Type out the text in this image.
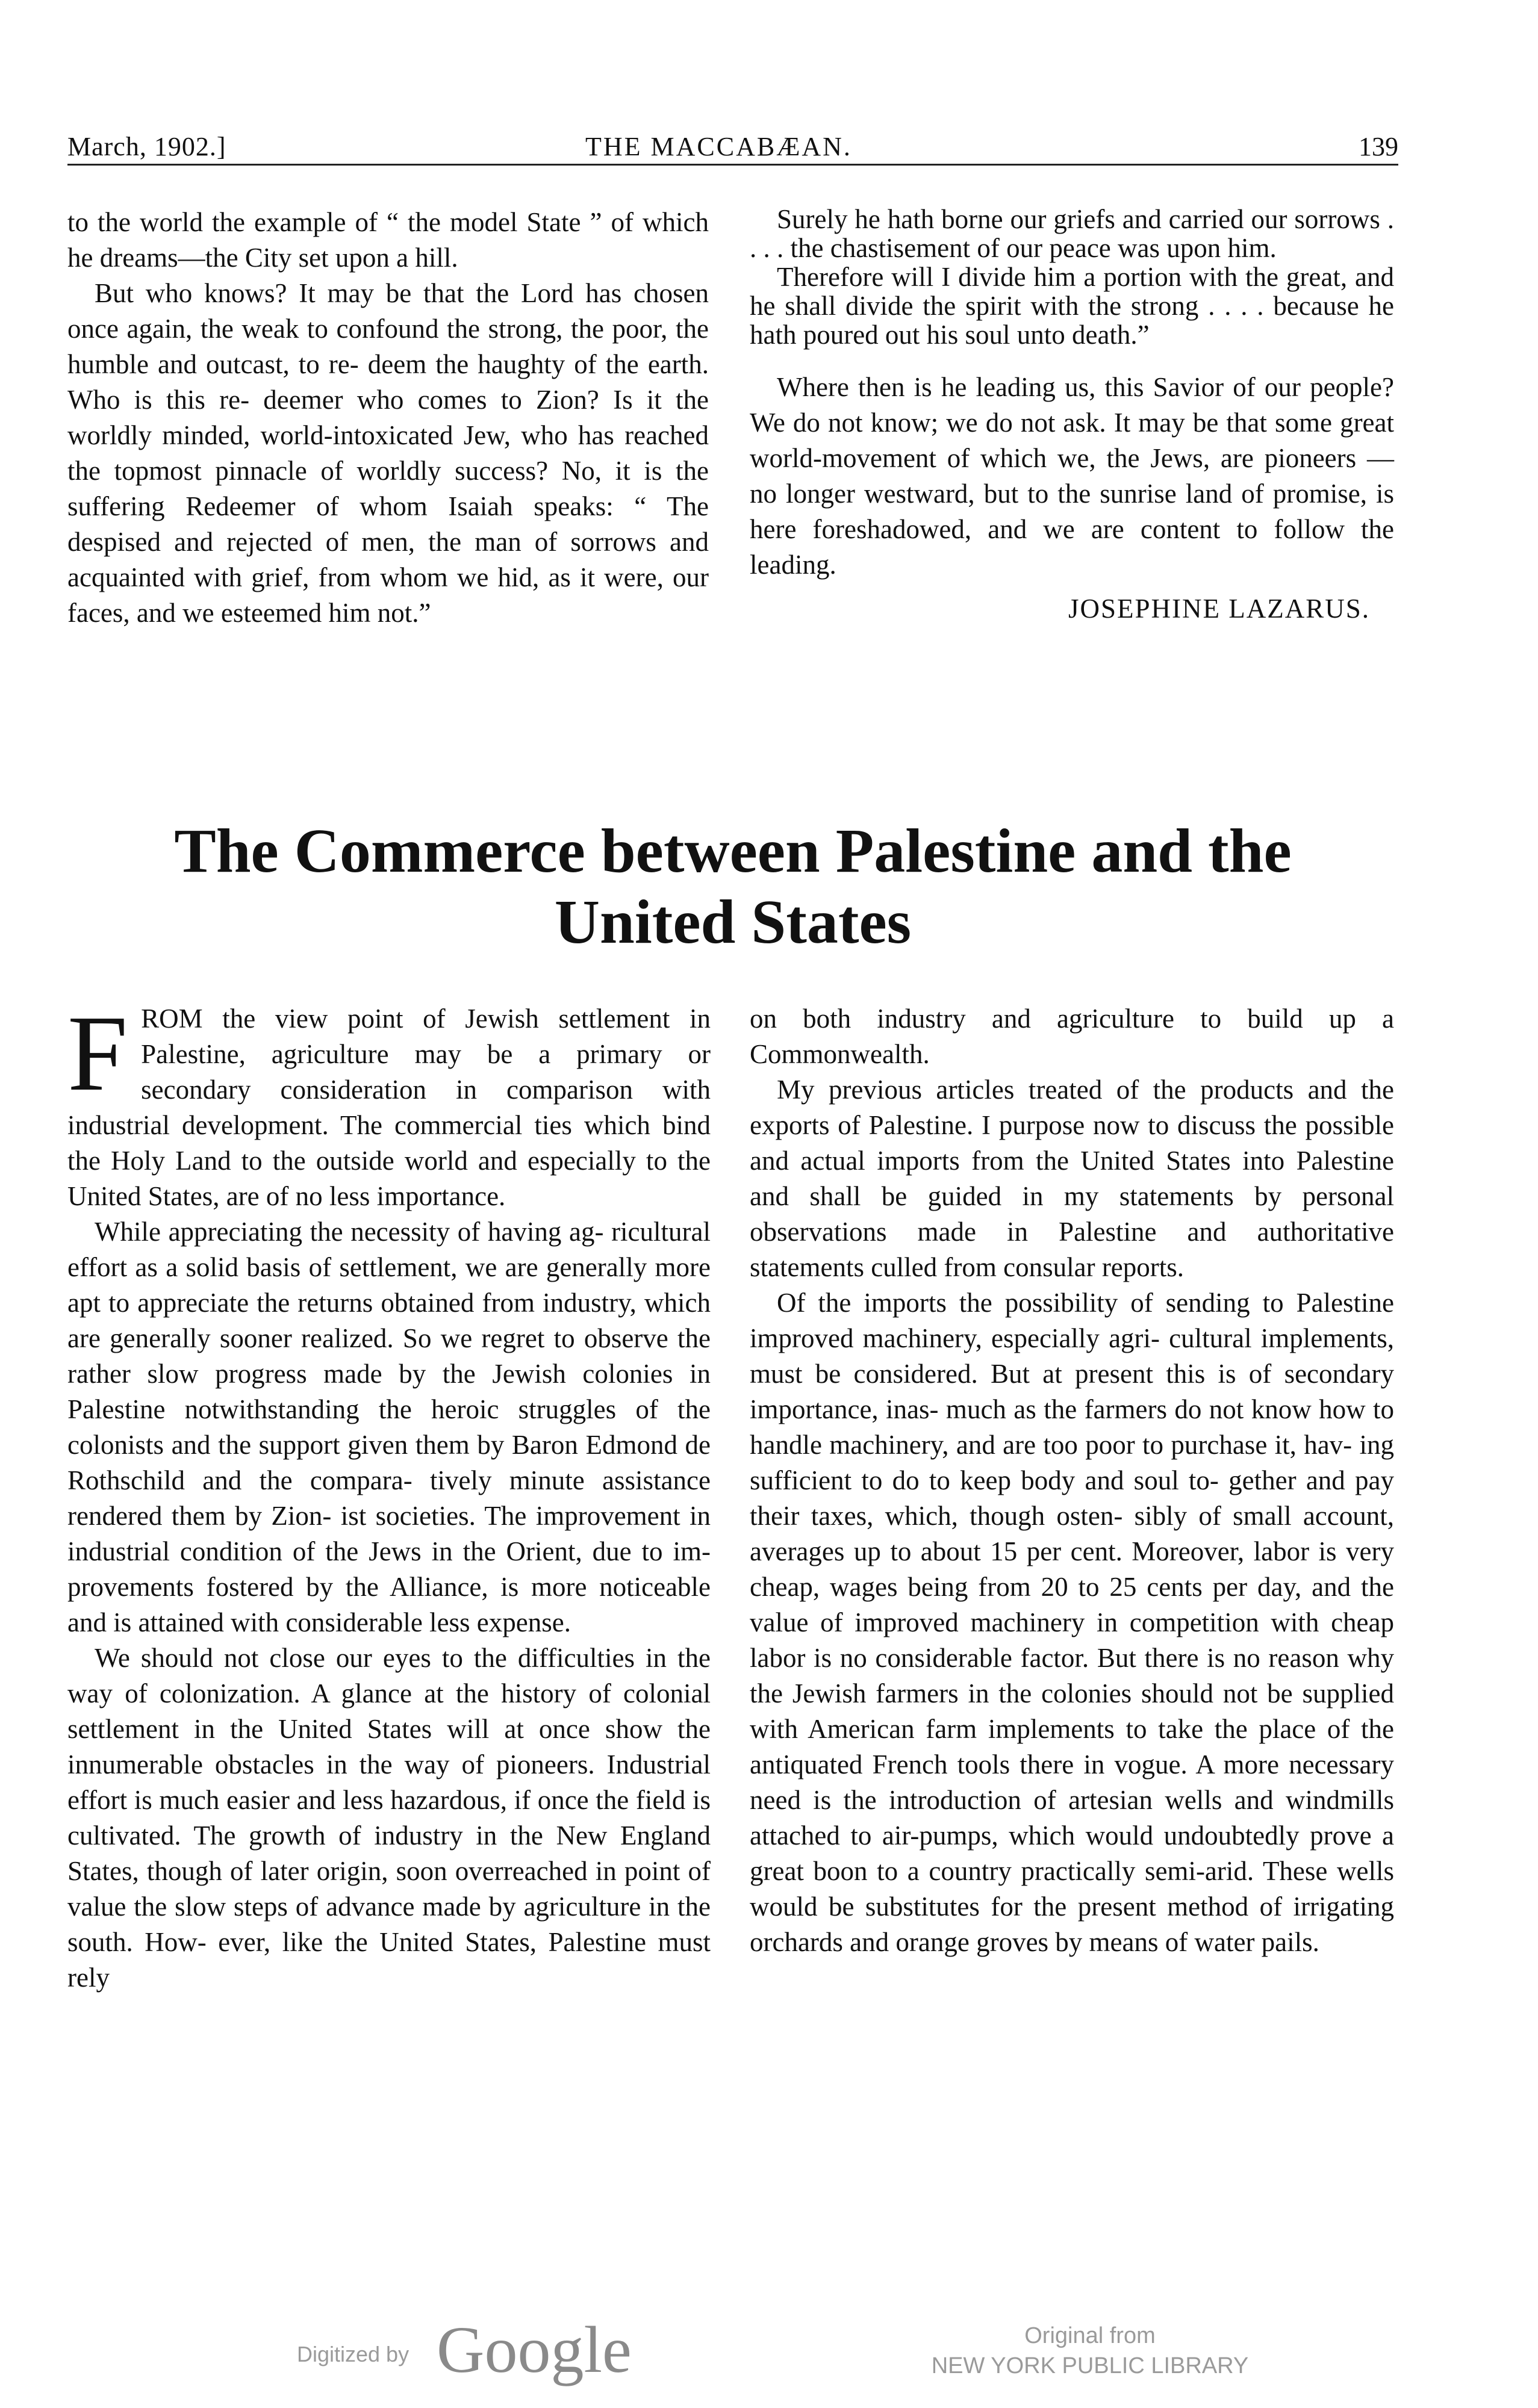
March, 1902.]	THE MACCABÆAN.	139

to the world the example of “ the model State ” of which he dreams—the City set upon a hill.

But who knows? It may be that the Lord has chosen once again, the weak to confound the strong, the poor, the humble and outcast, to re- deem the haughty of the earth. Who is this re- deemer who comes to Zion? Is it the worldly minded, world-intoxicated Jew, who has reached the topmost pinnacle of worldly success? No, it is the suffering Redeemer of whom Isaiah speaks: “ The despised and rejected of men, the man of sorrows and acquainted with grief, from whom we hid, as it were, our faces, and we esteemed him not.”

Surely he hath borne our griefs and carried our sorrows . . . . the chastisement of our peace was upon him.

Therefore will I divide him a portion with the great, and he shall divide the spirit with the strong . . . . because he hath poured out his soul unto death.”

Where then is he leading us, this Savior of our people? We do not know; we do not ask. It may be that some great world-movement of which we, the Jews, are pioneers — no longer westward, but to the sunrise land of promise, is here foreshadowed, and we are content to follow the leading.

JOSEPHINE LAZARUS.
The Commerce between Palestine and the
United States

FROM the view point of Jewish settlement in Palestine, agriculture may be a primary or secondary consideration in comparison with industrial development. The commercial ties which bind the Holy Land to the outside world and especially to the United States, are of no less importance.

While appreciating the necessity of having ag- ricultural effort as a solid basis of settlement, we are generally more apt to appreciate the returns obtained from industry, which are generally sooner realized. So we regret to observe the rather slow progress made by the Jewish colonies in Palestine notwithstanding the heroic struggles of the colonists and the support given them by Baron Edmond de Rothschild and the compara- tively minute assistance rendered them by Zion- ist societies. The improvement in industrial condition of the Jews in the Orient, due to im- provements fostered by the Alliance, is more noticeable and is attained with considerable less expense.

We should not close our eyes to the difficulties in the way of colonization. A glance at the history of colonial settlement in the United States will at once show the innumerable obstacles in the way of pioneers. Industrial effort is much easier and less hazardous, if once the field is cultivated. The growth of industry in the New England States, though of later origin, soon overreached in point of value the slow steps of advance made by agriculture in the south. How- ever, like the United States, Palestine must rely

on both industry and agriculture to build up a Commonwealth.

My previous articles treated of the products and the exports of Palestine. I purpose now to discuss the possible and actual imports from the United States into Palestine and shall be guided in my statements by personal observations made in Palestine and authoritative statements culled from consular reports.

Of the imports the possibility of sending to Palestine improved machinery, especially agri- cultural implements, must be considered. But at present this is of secondary importance, inas- much as the farmers do not know how to handle machinery, and are too poor to purchase it, hav- ing sufficient to do to keep body and soul to- gether and pay their taxes, which, though osten- sibly of small account, averages up to about 15 per cent. Moreover, labor is very cheap, wages being from 20 to 25 cents per day, and the value of improved machinery in competition with cheap labor is no considerable factor. But there is no reason why the Jewish farmers in the colonies should not be supplied with American farm implements to take the place of the antiquated French tools there in vogue. A more necessary need is the introduction of artesian wells and windmills attached to air-pumps, which would undoubtedly prove a great boon to a country practically semi-arid. These wells would be substitutes for the present method of irrigating orchards and orange groves by means of water pails.

Digitized by Google	Original from
NEW YORK PUBLIC LIBRARY
